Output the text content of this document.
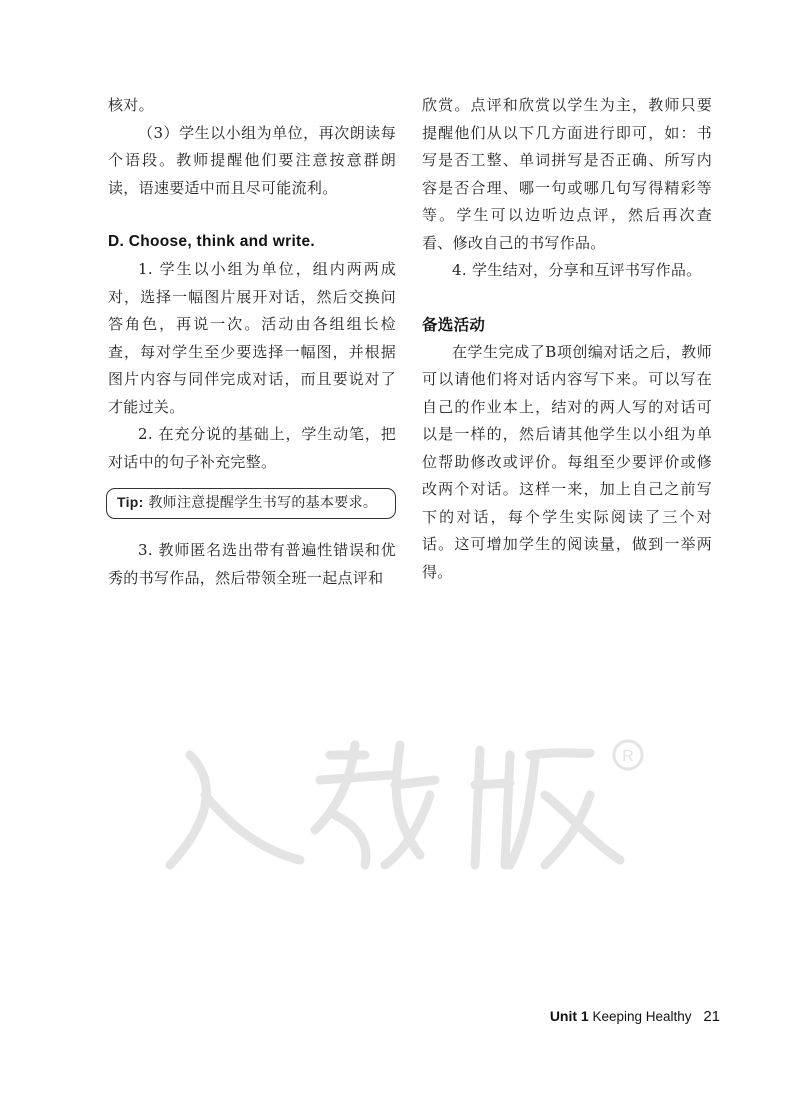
R

核对。

（3）学生以小组为单位，再次朗读每个语段。教师提醒他们要注意按意群朗读，语速要适中而且尽可能流利。

D. Choose, think and write.

1. 学生以小组为单位，组内两两成对，选择一幅图片展开对话，然后交换问答角色，再说一次。活动由各组组长检查，每对学生至少要选择一幅图，并根据图片内容与同伴完成对话，而且要说对了才能过关。

2. 在充分说的基础上，学生动笔，把对话中的句子补充完整。

Tip: 教师注意提醒学生书写的基本要求。

3. 教师匿名选出带有普遍性错误和优秀的书写作品，然后带领全班一起点评和

欣赏。点评和欣赏以学生为主，教师只要提醒他们从以下几方面进行即可，如：书写是否工整、单词拼写是否正确、所写内容是否合理、哪一句或哪几句写得精彩等等。学生可以边听边点评，然后再次查看、修改自己的书写作品。

4. 学生结对，分享和互评书写作品。

备选活动

在学生完成了B项创编对话之后，教师可以请他们将对话内容写下来。可以写在自己的作业本上，结对的两人写的对话可以是一样的，然后请其他学生以小组为单位帮助修改或评价。每组至少要评价或修改两个对话。这样一来，加上自己之前写下的对话，每个学生实际阅读了三个对话。这可增加学生的阅读量，做到一举两得。

Unit 1 Keeping Healthy 21
